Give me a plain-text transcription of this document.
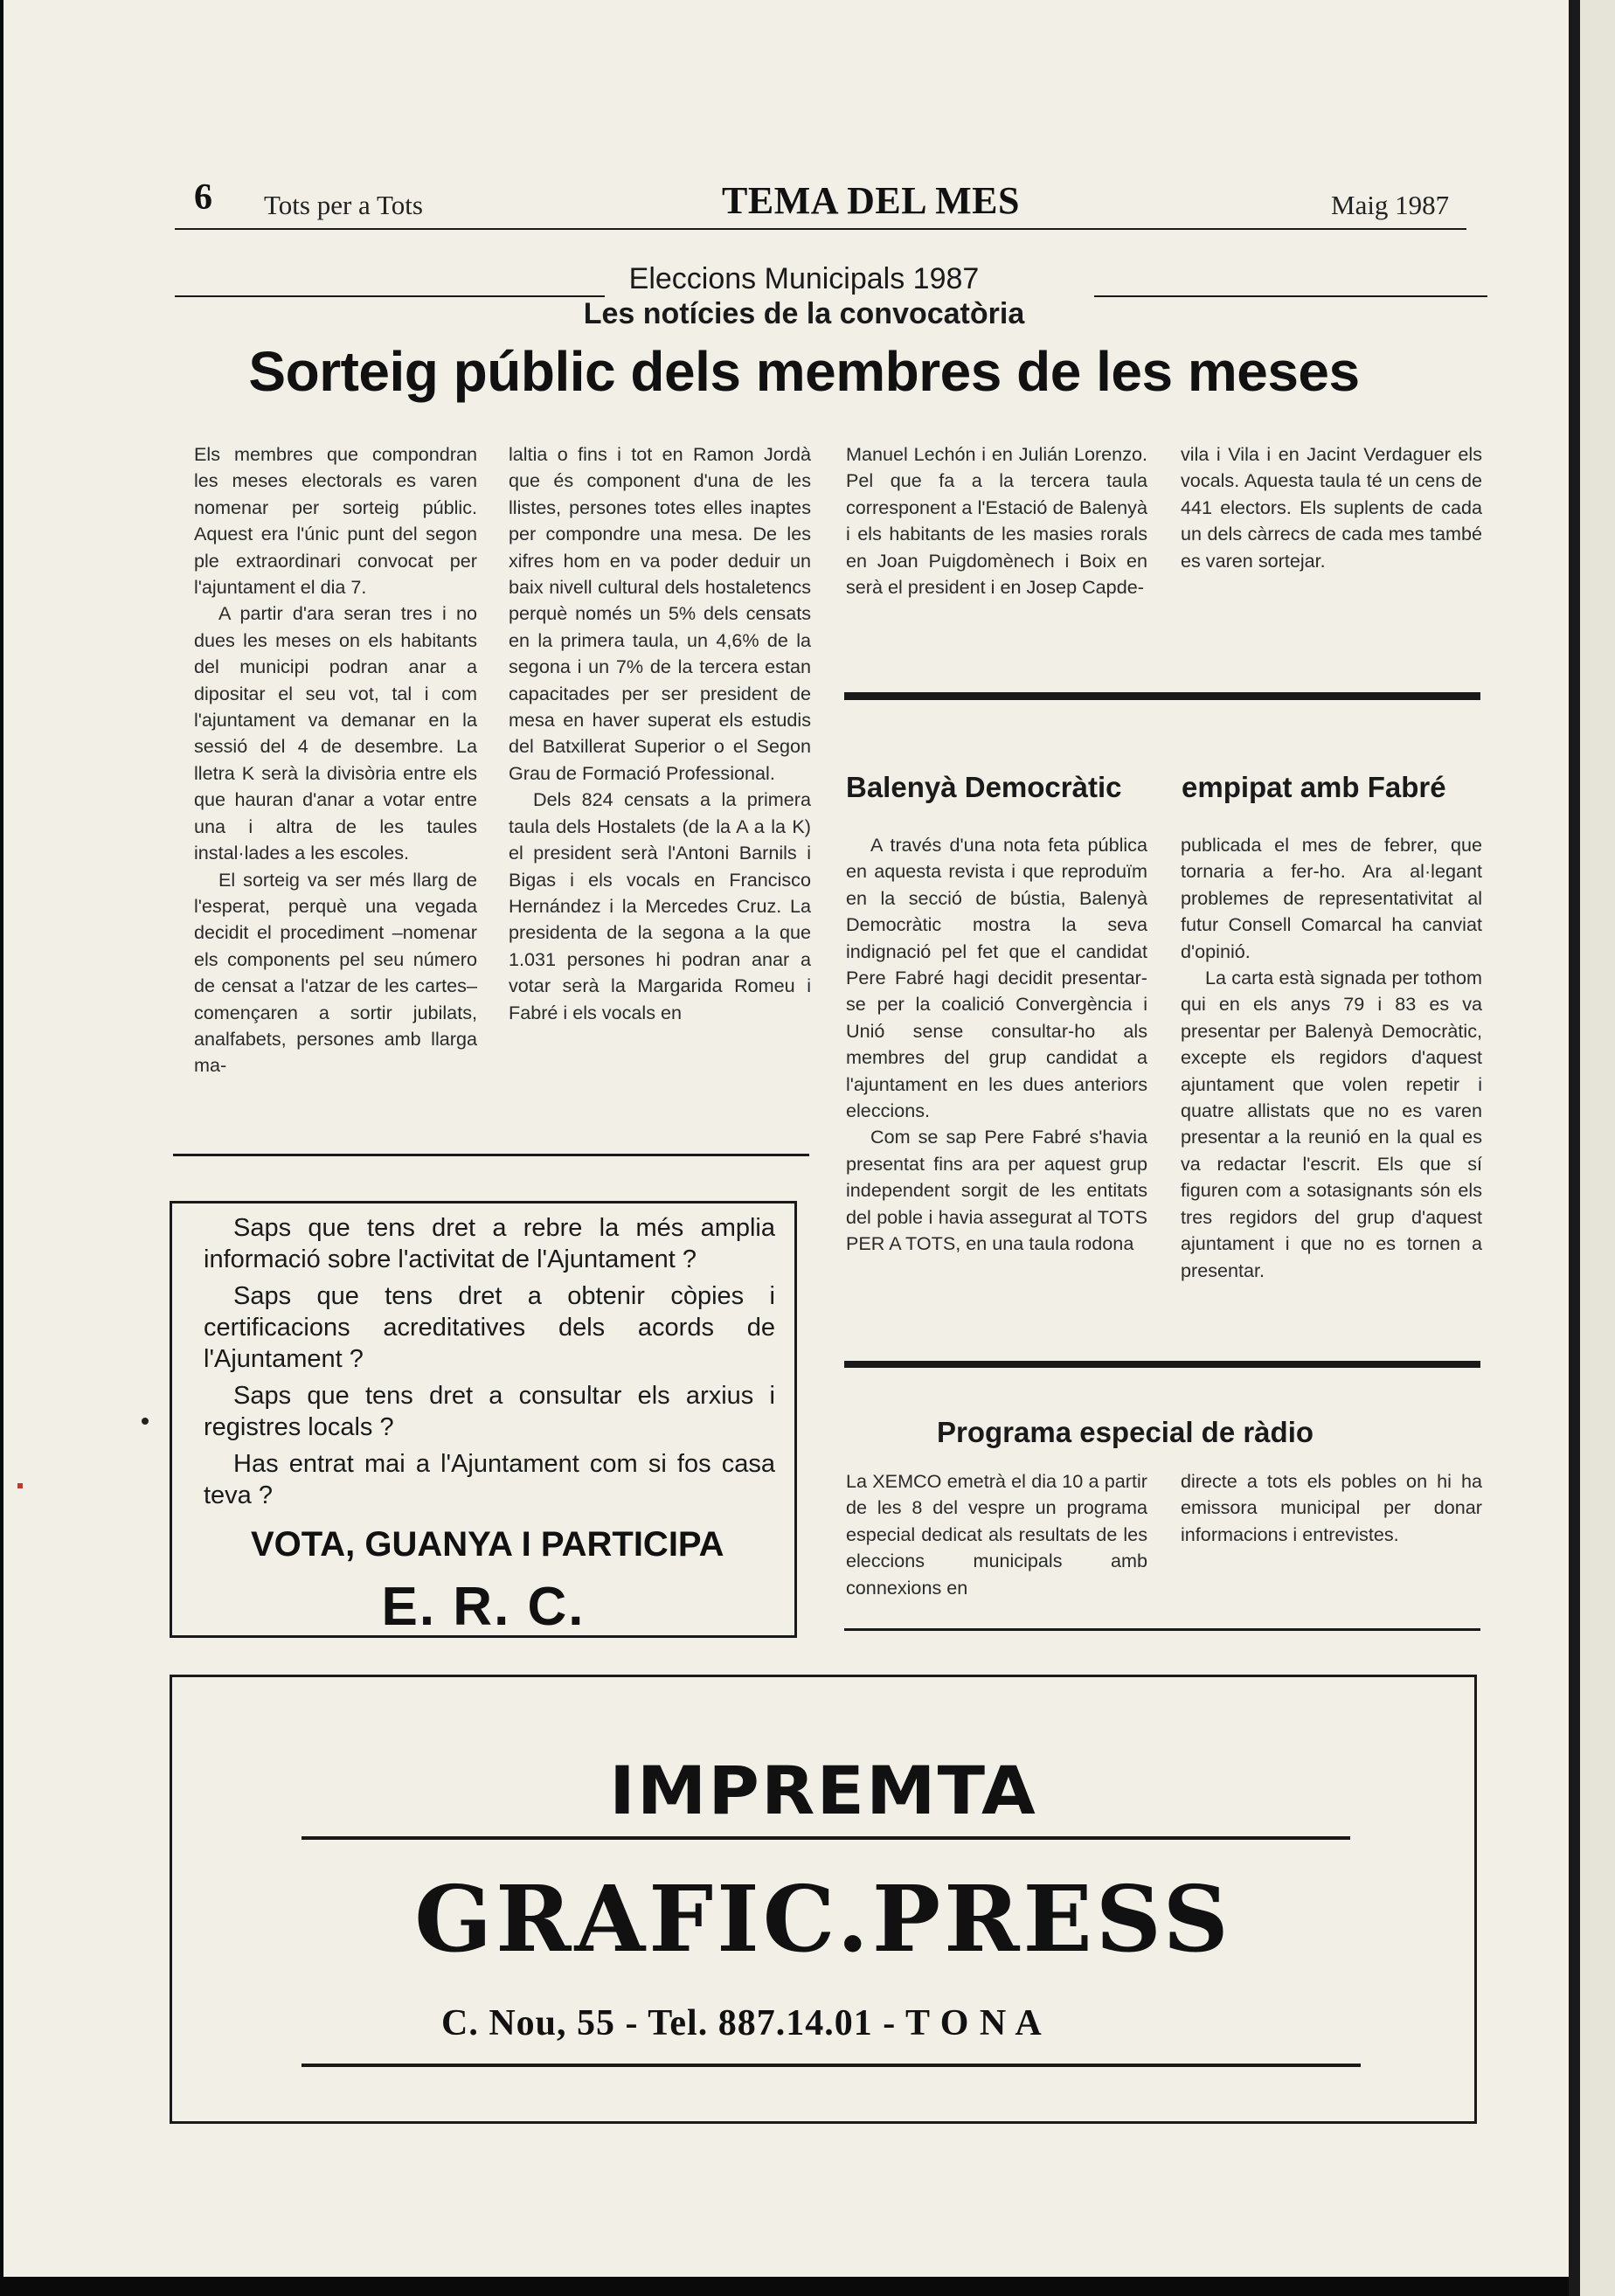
6 Tots per a Tots	TEMA DEL MES	Maig 1987
Eleccions Municipals 1987
Les notícies de la convocatòria
Sorteig públic dels membres de les meses

Els membres que compondran les meses electorals es varen nomenar per sorteig públic. Aquest era l'únic punt del segon ple extraordinari convocat per l'ajuntament el dia 7.

A partir d'ara seran tres i no dues les meses on els habitants del municipi podran anar a dipositar el seu vot, tal i com l'ajuntament va demanar en la sessió del 4 de desembre. La lletra K serà la divisòria entre els que hauran d'anar a votar entre una i altra de les taules instal·lades a les escoles.

El sorteig va ser més llarg de l'esperat, perquè una vegada decidit el procediment –nomenar els components pel seu número de censat a l'atzar de les cartes– començaren a sortir jubilats, analfabets, persones amb llarga ma-

laltia o fins i tot en Ramon Jordà que és component d'una de les llistes, persones totes elles inaptes per compondre una mesa. De les xifres hom en va poder deduir un baix nivell cultural dels hostaletencs perquè només un 5% dels censats en la primera taula, un 4,6% de la segona i un 7% de la tercera estan capacitades per ser president de mesa en haver superat els estudis del Batxillerat Superior o el Segon Grau de Formació Professional.

Dels 824 censats a la primera taula dels Hostalets (de la A a la K) el president serà l'Antoni Barnils i Bigas i els vocals en Francisco Hernández i la Mercedes Cruz. La presidenta de la segona a la que 1.031 persones hi podran anar a votar serà la Margarida Romeu i Fabré i els vocals en

Manuel Lechón i en Julián Lorenzo. Pel que fa a la tercera taula corresponent a l'Estació de Balenyà i els habitants de les masies rorals en Joan Puigdomènech i Boix en serà el president i en Josep Capde-

vila i Vila i en Jacint Verdaguer els vocals. Aquesta taula té un cens de 441 electors. Els suplents de cada un dels càrrecs de cada mes també es varen sortejar.

Balenyà Democràtic empipat amb Fabré

A través d'una nota feta pública en aquesta revista i que reproduïm en la secció de bústia, Balenyà Democràtic mostra la seva indignació pel fet que el candidat Pere Fabré hagi decidit presentar-se per la coalició Convergència i Unió sense consultar-ho als membres del grup candidat a l'ajuntament en les dues anteriors eleccions.

Com se sap Pere Fabré s'havia presentat fins ara per aquest grup independent sorgit de les entitats del poble i havia assegurat al TOTS PER A TOTS, en una taula rodona

publicada el mes de febrer, que tornaria a fer-ho. Ara al·legant problemes de representativitat al futur Consell Comarcal ha canviat d'opinió.

La carta està signada per tothom qui en els anys 79 i 83 es va presentar per Balenyà Democràtic, excepte els regidors d'aquest ajuntament que volen repetir i quatre allistats que no es varen presentar a la reunió en la qual es va redactar l'escrit. Els que sí figuren com a sotasignants són els tres regidors del grup d'aquest ajuntament i que no es tornen a presentar.

Programa especial de ràdio

La XEMCO emetrà el dia 10 a partir de les 8 del vespre un programa especial dedicat als resultats de les eleccions municipals amb connexions en

directe a tots els pobles on hi ha emissora municipal per donar informacions i entrevistes.

Saps que tens dret a rebre la més amplia informació sobre l'activitat de l'Ajuntament ?
Saps que tens dret a obtenir còpies i certificacions acreditatives dels acords de l'Ajuntament ?
Saps que tens dret a consultar els arxius i registres locals ?
Has entrat mai a l'Ajuntament com si fos casa teva ?
VOTA, GUANYA I PARTICIPA
E. R. C.
IMPREMTA
GRAFIC.PRESS
C. Nou, 55 - Tel. 887.14.01 - T O N A
